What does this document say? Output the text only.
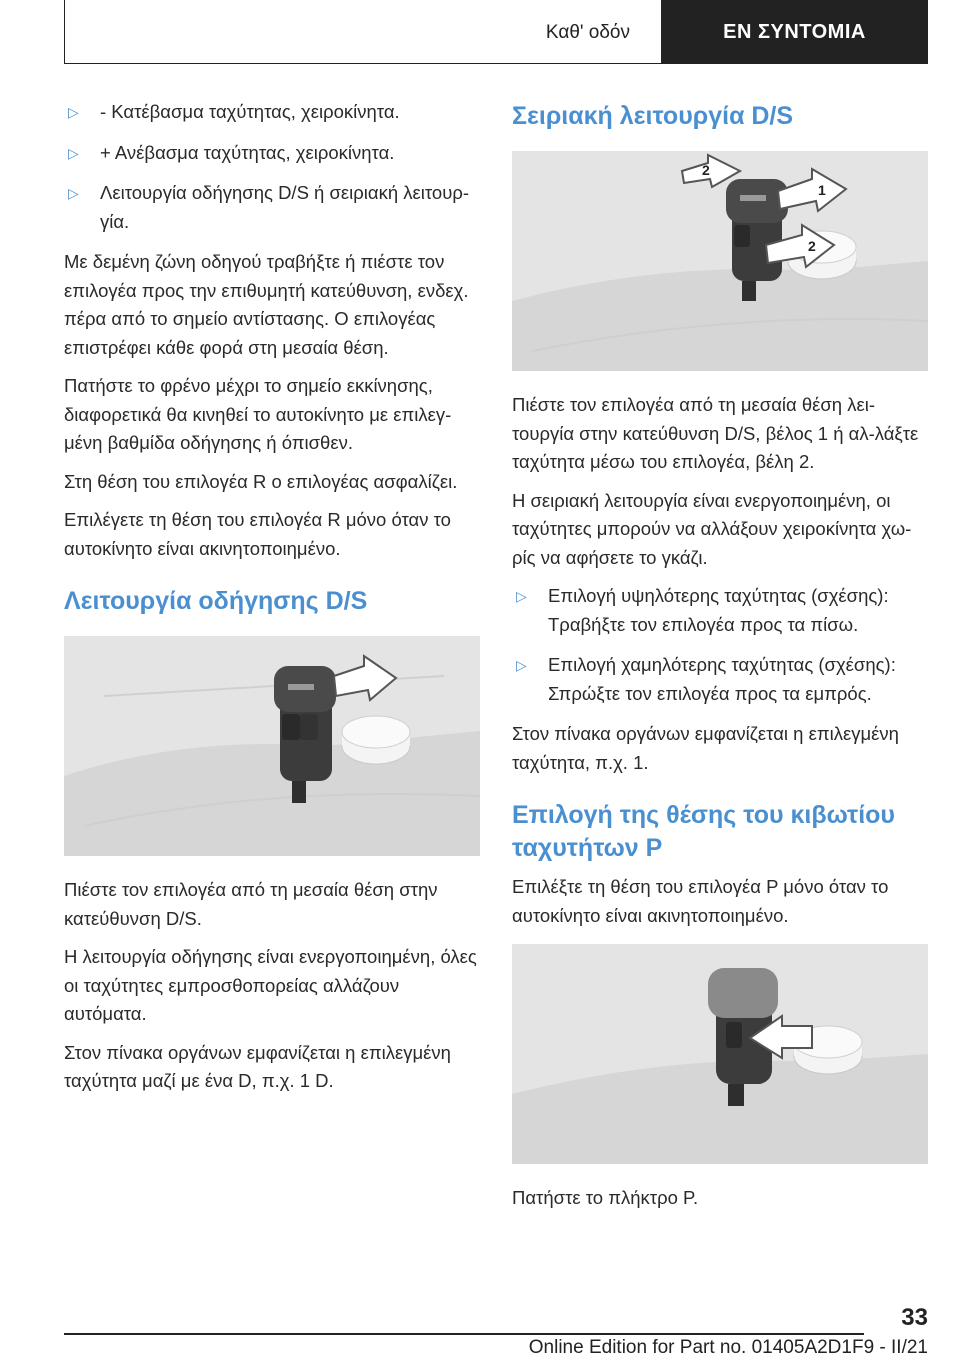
Καθ' οδόν	ΕΝ ΣΥΝΤΟΜΙΑ
▷	- Κατέβασμα ταχύτητας, χειροκίνητα.
▷	+ Ανέβασμα ταχύτητας, χειροκίνητα.
▷	Λειτουργία οδήγησης D/S ή σειριακή λειτουρ-γία.

Με δεμένη ζώνη οδηγού τραβήξτε ή πιέστε τον επιλογέα προς την επιθυμητή κατεύθυνση, ενδεχ. πέρα από το σημείο αντίστασης. Ο επιλογέας επιστρέφει κάθε φορά στη μεσαία θέση.

Πατήστε το φρένο μέχρι το σημείο εκκίνησης, διαφορετικά θα κινηθεί το αυτοκίνητο με επιλεγ-μένη βαθμίδα οδήγησης ή όπισθεν.

Στη θέση του επιλογέα R ο επιλογέας ασφαλίζει.

Επιλέγετε τη θέση του επιλογέα R μόνο όταν το αυτοκίνητο είναι ακινητοποιημένο.

Λειτουργία οδήγησης D/S

Πιέστε τον επιλογέα από τη μεσαία θέση στην κατεύθυνση D/S.

Η λειτουργία οδήγησης είναι ενεργοποιημένη, όλες οι ταχύτητες εμπροσθοπορείας αλλάζουν αυτόματα.

Στον πίνακα οργάνων εμφανίζεται η επιλεγμένη ταχύτητα μαζί με ένα D, π.χ. 1 D.

Σειριακή λειτουργία D/S
2
1
2

Πιέστε τον επιλογέα από τη μεσαία θέση λει-τουργία στην κατεύθυνση D/S, βέλος 1 ή αλ-λάξτε ταχύτητα μέσω του επιλογέα, βέλη 2.

Η σειριακή λειτουργία είναι ενεργοποιημένη, οι ταχύτητες μπορούν να αλλάξουν χειροκίνητα χω-ρίς να αφήσετε το γκάζι.

▷	Επιλογή υψηλότερης ταχύτητας (σχέσης): Τραβήξτε τον επιλογέα προς τα πίσω.
▷	Επιλογή χαμηλότερης ταχύτητας (σχέσης): Σπρώξτε τον επιλογέα προς τα εμπρός.

Στον πίνακα οργάνων εμφανίζεται η επιλεγμένη ταχύτητα, π.χ. 1.

Επιλογή της θέσης του κιβωτίου ταχυτήτων P

Επιλέξτε τη θέση του επιλογέα P μόνο όταν το αυτοκίνητο είναι ακινητοποιημένο.

Πατήστε το πλήκτρο P.

33
Online Edition for Part no. 01405A2D1F9 - II/21
